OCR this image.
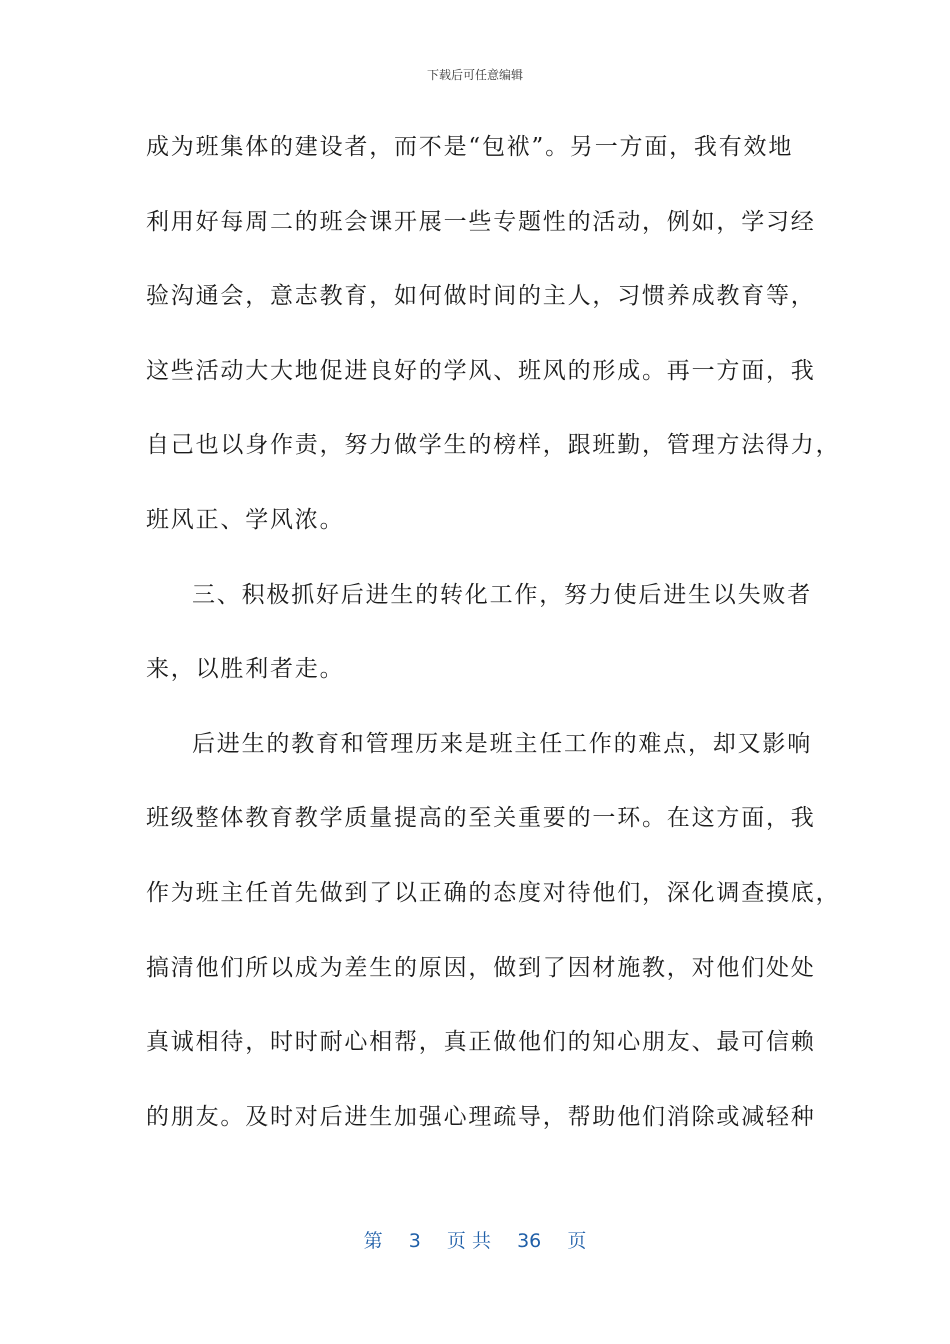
下载后可任意编辑
成为班集体的建设者，而不是“包袱”。另一方面，我有效地
利用好每周二的班会课开展一些专题性的活动，例如，学习经
验沟通会，意志教育，如何做时间的主人，习惯养成教育等，
这些活动大大地促进良好的学风、班风的形成。再一方面，我
自己也以身作责，努力做学生的榜样，跟班勤，管理方法得力，
班风正、学风浓。
三、积极抓好后进生的转化工作，努力使后进生以失败者
来，以胜利者走。
后进生的教育和管理历来是班主任工作的难点，却又影响
班级整体教育教学质量提高的至关重要的一环。在这方面，我
作为班主任首先做到了以正确的态度对待他们，深化调查摸底，
搞清他们所以成为差生的原因，做到了因材施教，对他们处处
真诚相待，时时耐心相帮，真正做他们的知心朋友、最可信赖
的朋友。及时对后进生加强心理疏导，帮助他们消除或减轻种
第 3 页 共 36 页
